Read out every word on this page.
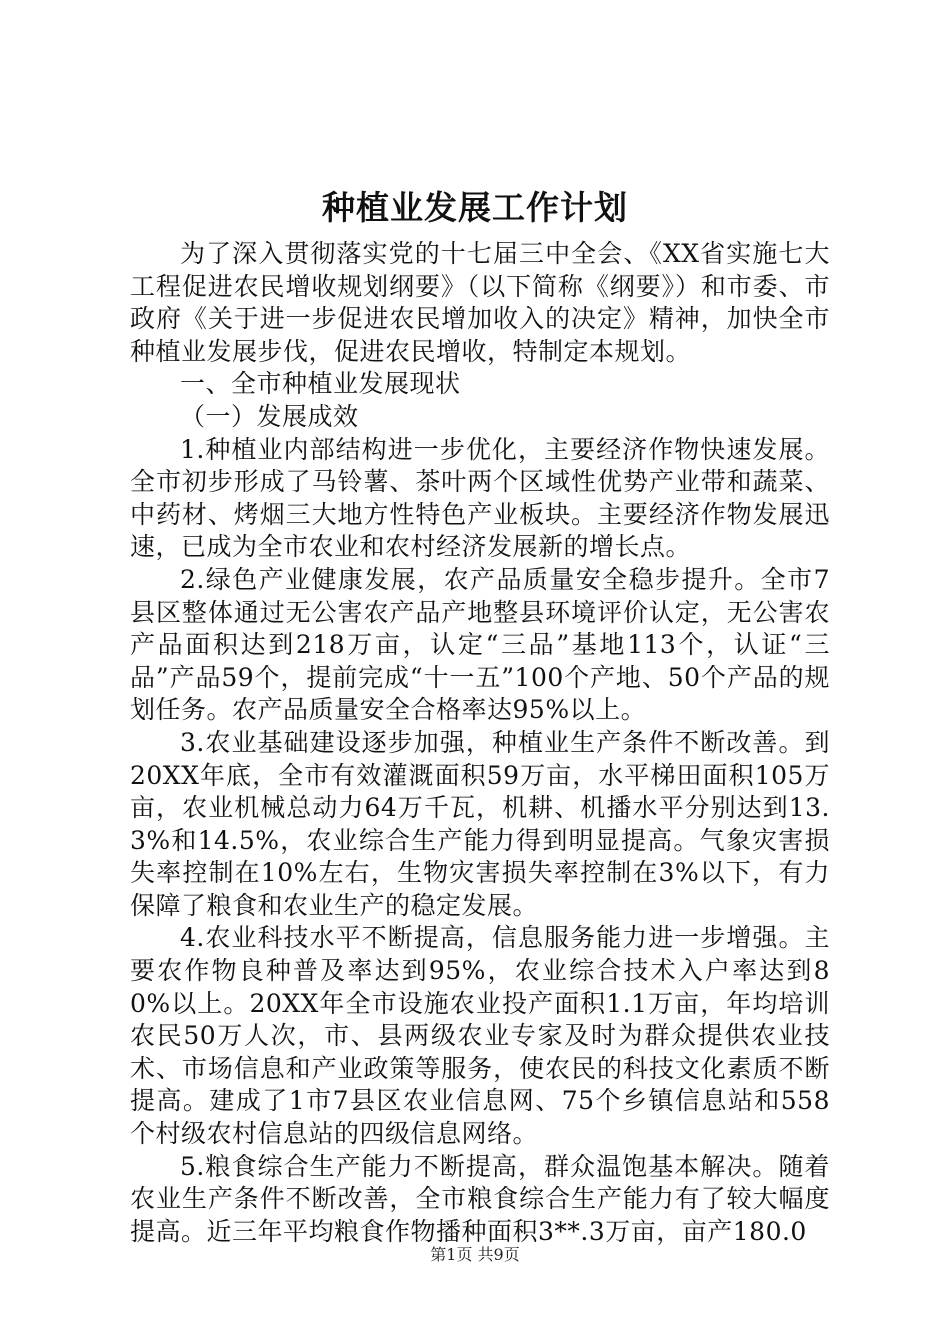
种植业发展工作计划

为了深入贯彻落实党的十七届三中全会、《XX省实施七大工程促进农民增收规划纲要》（以下简称《纲要》）和市委、市政府《关于进一步促进农民增加收入的决定》精神，加快全市种植业发展步伐，促进农民增收，特制定本规划。

一、全市种植业发展现状

（一）发展成效

1.种植业内部结构进一步优化，主要经济作物快速发展。全市初步形成了马铃薯、茶叶两个区域性优势产业带和蔬菜、中药材、烤烟三大地方性特色产业板块。主要经济作物发展迅速，已成为全市农业和农村经济发展新的增长点。

2.绿色产业健康发展，农产品质量安全稳步提升。全市7县区整体通过无公害农产品产地整县环境评价认定，无公害农产品面积达到218万亩，认定“三品”基地113个，认证“三品”产品59个，提前完成“十一五”100个产地、50个产品的规划任务。农产品质量安全合格率达95%以上。

3.农业基础建设逐步加强，种植业生产条件不断改善。到20XX年底，全市有效灌溉面积59万亩，水平梯田面积105万亩，农业机械总动力64万千瓦，机耕、机播水平分别达到13.3%和14.5%，农业综合生产能力得到明显提高。气象灾害损失率控制在10%左右，生物灾害损失率控制在3%以下，有力保障了粮食和农业生产的稳定发展。

4.农业科技水平不断提高，信息服务能力进一步增强。主要农作物良种普及率达到95%，农业综合技术入户率达到80%以上。20XX年全市设施农业投产面积1.1万亩，年均培训农民50万人次，市、县两级农业专家及时为群众提供农业技术、市场信息和产业政策等服务，使农民的科技文化素质不断提高。建成了1市7县区农业信息网、75个乡镇信息站和558个村级农村信息站的四级信息网络。

5.粮食综合生产能力不断提高，群众温饱基本解决。随着农业生产条件不断改善，全市粮食综合生产能力有了较大幅度提高。近三年平均粮食作物播种面积3**.3万亩，亩产180.0

第1页 共9页
